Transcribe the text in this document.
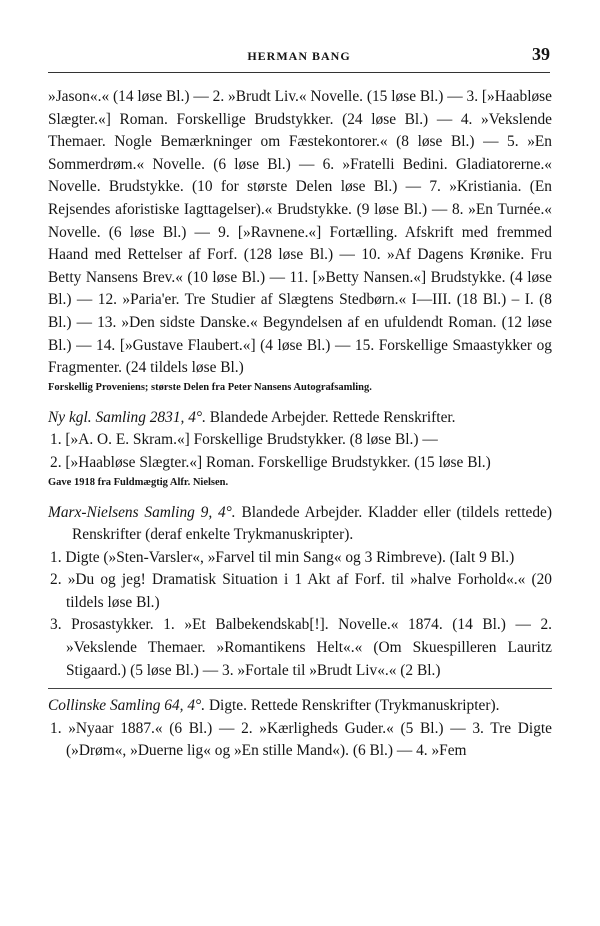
HERMAN BANG	39

»Jason«.« (14 løse Bl.) — 2. »Brudt Liv.« Novelle. (15 løse Bl.) — 3. [»Haabløse Slægter.«] Roman. Forskellige Brudstykker. (24 løse Bl.) — 4. »Vekslende Themaer. Nogle Bemærkninger om Fæstekontorer.« (8 løse Bl.) — 5. »En Sommerdrøm.« Novelle. (6 løse Bl.) — 6. »Fratelli Bedini. Gladiatorerne.« Novelle. Brudstykke. (10 for største Delen løse Bl.) — 7. »Kristiania. (En Rejsendes aforistiske Iagttagelser).« Brudstykke. (9 løse Bl.) — 8. »En Turnée.« Novelle. (6 løse Bl.) — 9. [»Ravnene.«] Fortælling. Afskrift med fremmed Haand med Rettelser af Forf. (128 løse Bl.) — 10. »Af Dagens Krønike. Fru Betty Nansens Brev.« (10 løse Bl.) — 11. [»Betty Nansen.«] Brudstykke. (4 løse Bl.) — 12. »Paria'er. Tre Studier af Slægtens Stedbørn.« I—III. (18 Bl.) – I. (8 Bl.) — 13. »Den sidste Danske.« Begyndelsen af en ufuldendt Roman. (12 løse Bl.) — 14. [»Gustave Flaubert.«] (4 løse Bl.) — 15. Forskellige Smaastykker og Fragmenter. (24 tildels løse Bl.)

Forskellig Proveniens; største Delen fra Peter Nansens Autografsamling.

Ny kgl. Samling 2831, 4°. Blandede Arbejder. Rettede Renskrifter.

1. [»A. O. E. Skram.«] Forskellige Brudstykker. (8 løse Bl.) —

2. [»Haabløse Slægter.«] Roman. Forskellige Brudstykker. (15 løse Bl.)

Gave 1918 fra Fuldmægtig Alfr. Nielsen.

Marx-Nielsens Samling 9, 4°. Blandede Arbejder. Kladder eller (tildels rettede) Renskrifter (deraf enkelte Trykmanuskripter).

1. Digte (»Sten-Varsler«, »Farvel til min Sang« og 3 Rimbreve). (Ialt 9 Bl.)

2. »Du og jeg! Dramatisk Situation i 1 Akt af Forf. til »halve Forhold«.« (20 tildels løse Bl.)

3. Prosastykker. 1. »Et Balbekendskab[!]. Novelle.« 1874. (14 Bl.) — 2. »Vekslende Themaer. »Romantikens Helt«.« (Om Skuespilleren Lauritz Stigaard.) (5 løse Bl.) — 3. »Fortale til »Brudt Liv«.« (2 Bl.)

Collinske Samling 64, 4°. Digte. Rettede Renskrifter (Trykmanuskripter).

1. »Nyaar 1887.« (6 Bl.) — 2. »Kærligheds Guder.« (5 Bl.) — 3. Tre Digte (»Drøm«, »Duerne lig« og »En stille Mand«). (6 Bl.) — 4. »Fem
